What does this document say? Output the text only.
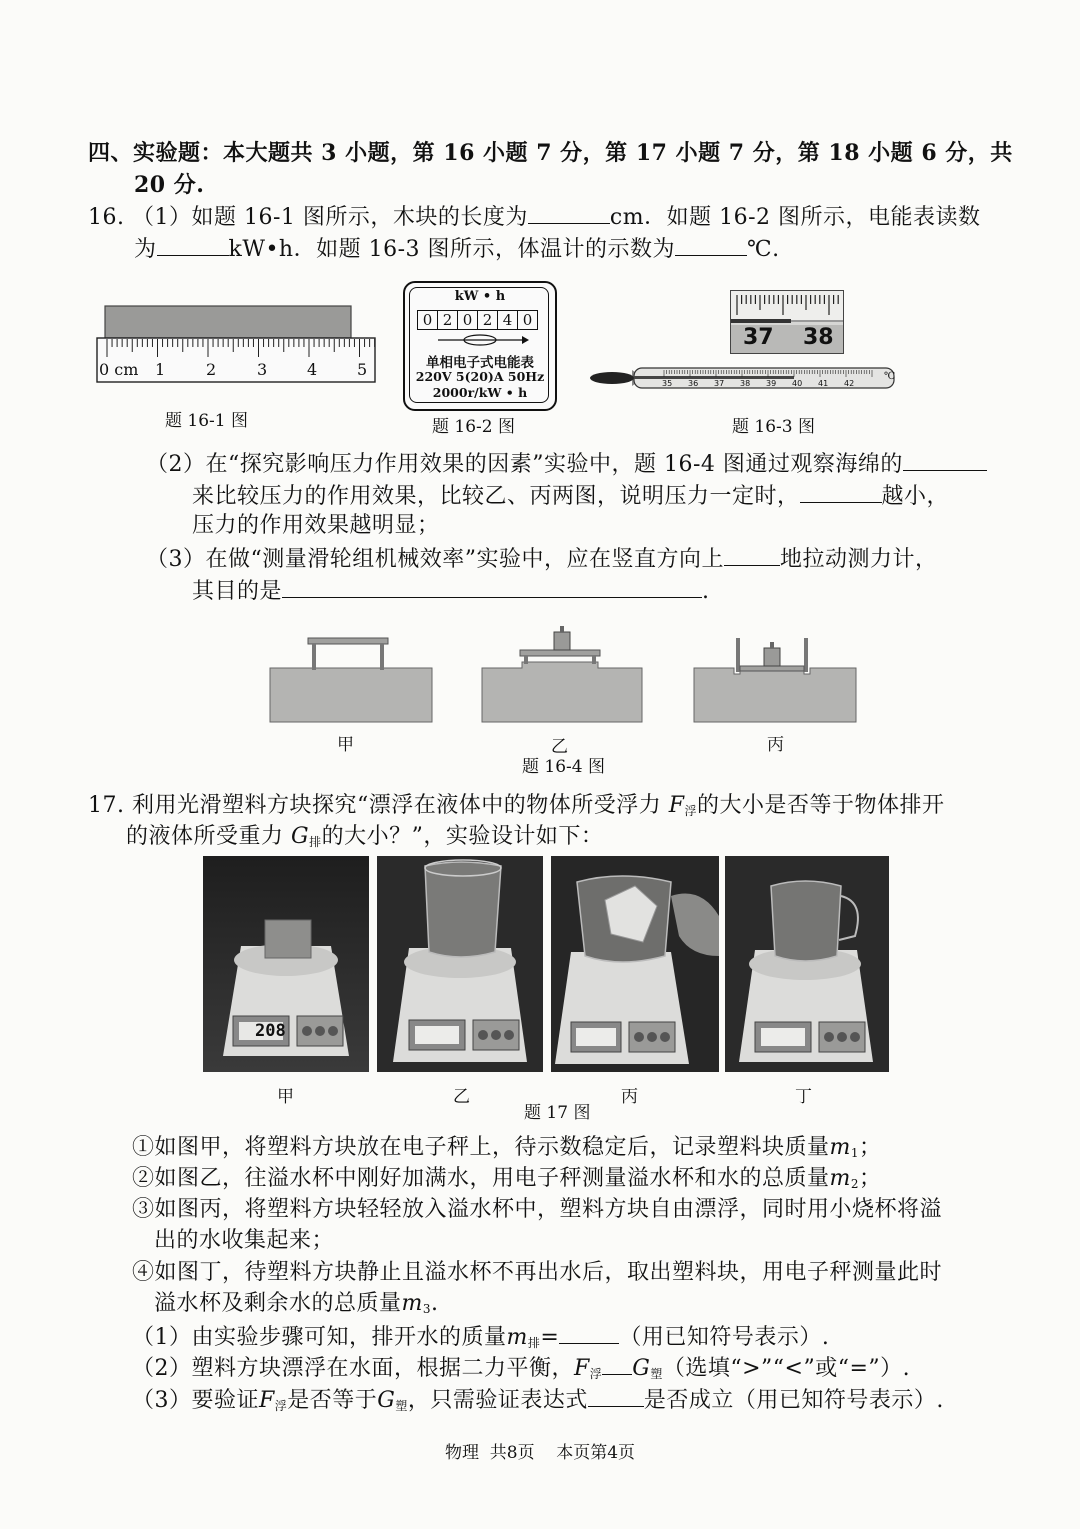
四、实验题：本大题共 3 小题，第 16 小题 7 分，第 17 小题 7 分，第 18 小题 6 分，共
20 分.
16. （1）如题 16-1 图所示，木块的长度为	cm．如题 16-2 图所示，电能表读数
为	kW•h．如题 16-3 图所示，体温计的示数为	℃.
0 cm 1	2	3 4 5
题 16-1 图
kW • h
0 2 0 2 4 0
单相电子式电能表
220V 5(20)A 50Hz
2000r/kW • h
题 16-2 图
37 38
35	36	37	38	39	40	41	42
℃
题 16-3 图
（2）在“探究影响压力作用效果的因素”实验中，题 16-4 图通过观察海绵的
来比较压力的作用效果，比较乙、丙两图，说明压力一定时，	越小，
压力的作用效果越明显；
（3）在做“测量滑轮组机械效率”实验中，应在竖直方向上	地拉动测力计，
其目的是	.
甲	乙	丙
题 16-4 图
17. 利用光滑塑料方块探究“漂浮在液体中的物体所受浮力 $F_浮$的大小是否等于物体排开
的液体所受重力 $G_排$的大小？”，实验设计如下：
208
甲	乙	丙	丁
题 17 图
①如图甲，将塑料方块放在电子秤上，待示数稳定后，记录塑料块质量$m_1$；
②如图乙，往溢水杯中刚好加满水，用电子秤测量溢水杯和水的总质量$m_2$；
③如图丙，将塑料方块轻轻放入溢水杯中，塑料方块自由漂浮，同时用小烧杯将溢
出的水收集起来；
④如图丁，待塑料方块静止且溢水杯不再出水后，取出塑料块，用电子秤测量此时
溢水杯及剩余水的总质量$m_3$.
（1）由实验步骤可知，排开水的质量$m_排=$	（用已知符号表示）.
（2）塑料方块漂浮在水面，根据二力平衡，$F_浮$ $G_塑$（选填“>”“<”或“=”）.
（3）要验证$F_浮$是否等于$G_塑$，只需验证表达式	是否成立（用已知符号表示）.
物理  共8页    本页第4页
